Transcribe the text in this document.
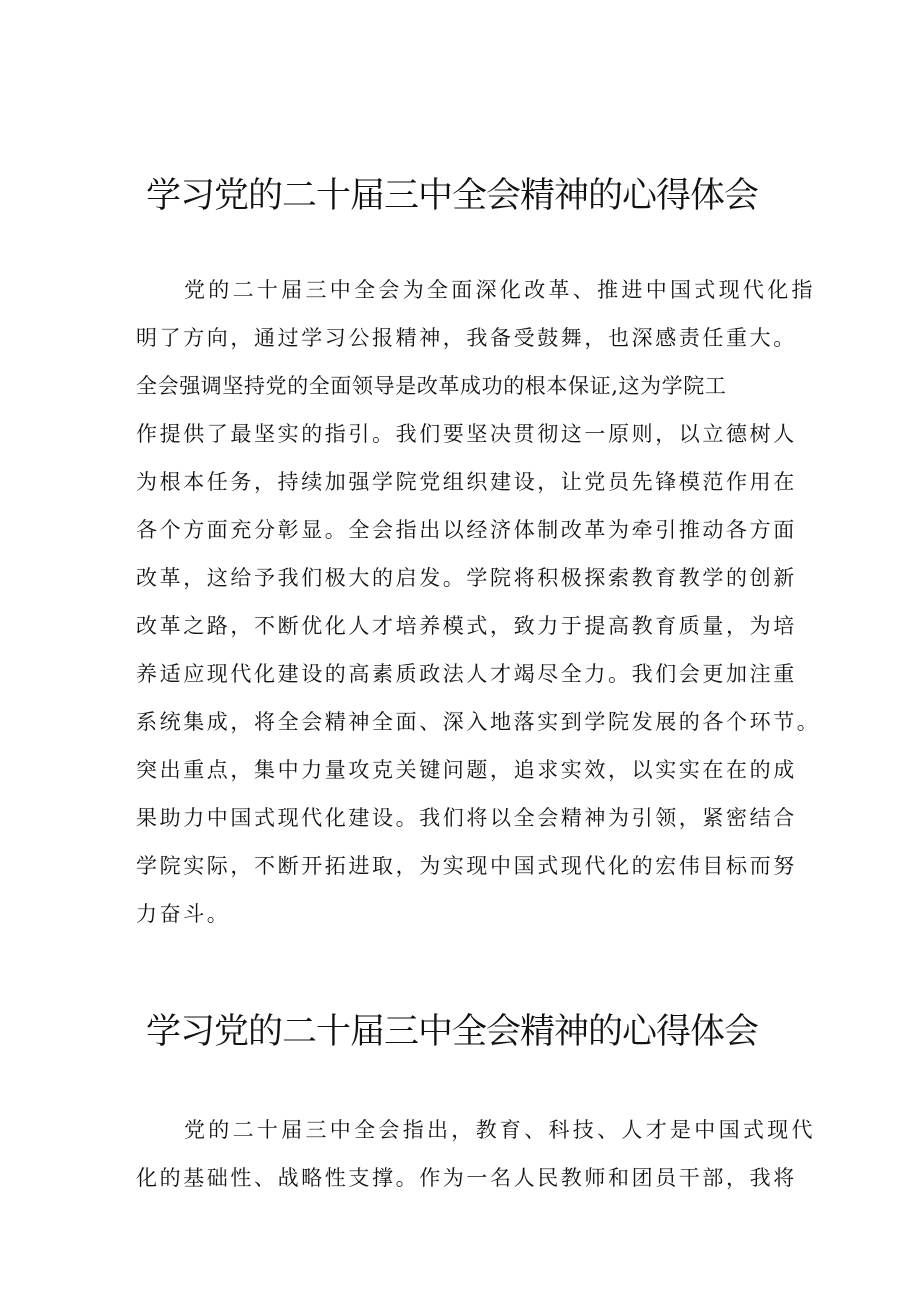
学习党的二十届三中全会精神的心得体会
党的二十届三中全会为全面深化改革、推进中国式现代化指
明了方向，通过学习公报精神，我备受鼓舞，也深感责任重大。
全会强调坚持党的全面领导是改革成功的根本保证,这为学院工
作提供了最坚实的指引。我们要坚决贯彻这一原则，以立德树人
为根本任务，持续加强学院党组织建设，让党员先锋模范作用在
各个方面充分彰显。全会指出以经济体制改革为牵引推动各方面
改革，这给予我们极大的启发。学院将积极探索教育教学的创新
改革之路，不断优化人才培养模式，致力于提高教育质量，为培
养适应现代化建设的高素质政法人才竭尽全力。我们会更加注重
系统集成，将全会精神全面、深入地落实到学院发展的各个环节。
突出重点，集中力量攻克关键问题，追求实效，以实实在在的成
果助力中国式现代化建设。我们将以全会精神为引领，紧密结合
学院实际，不断开拓进取，为实现中国式现代化的宏伟目标而努
力奋斗。
学习党的二十届三中全会精神的心得体会
党的二十届三中全会指出，教育、科技、人才是中国式现代
化的基础性、战略性支撑。作为一名人民教师和团员干部，我将
